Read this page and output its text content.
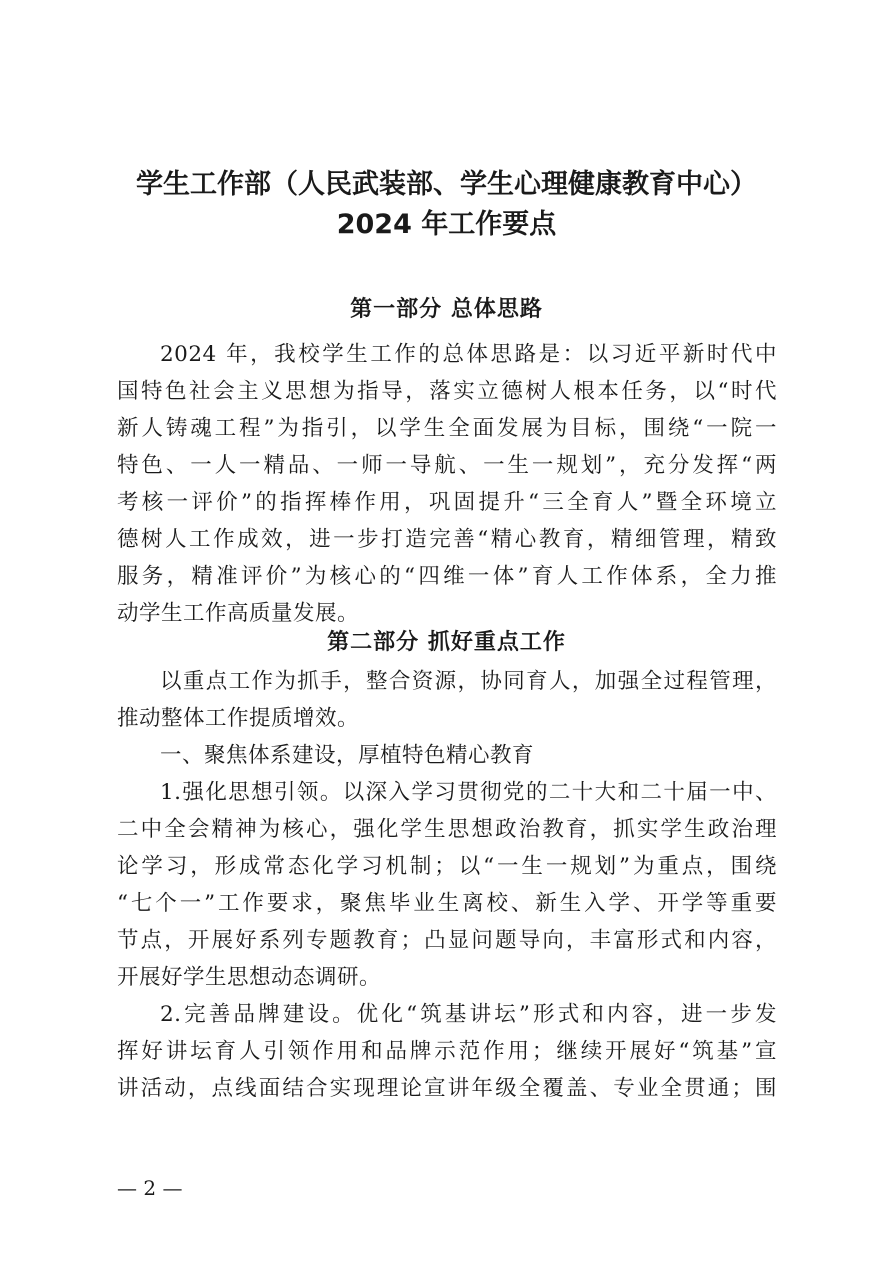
学生工作部（人民武装部、学生心理健康教育中心）
2024 年工作要点
第一部分 总体思路
2024 年，我校学生工作的总体思路是：以习近平新时代中
国特色社会主义思想为指导，落实立德树人根本任务，以“时代
新人铸魂工程”为指引，以学生全面发展为目标，围绕“一院一
特色、一人一精品、一师一导航、一生一规划”，充分发挥“两
考核一评价”的指挥棒作用，巩固提升“三全育人”暨全环境立
德树人工作成效，进一步打造完善“精心教育，精细管理，精致
服务，精准评价”为核心的“四维一体”育人工作体系，全力推
动学生工作高质量发展。
第二部分 抓好重点工作
以重点工作为抓手，整合资源，协同育人，加强全过程管理，
推动整体工作提质增效。
一、聚焦体系建设，厚植特色精心教育
1.强化思想引领。以深入学习贯彻党的二十大和二十届一中、
二中全会精神为核心，强化学生思想政治教育，抓实学生政治理
论学习，形成常态化学习机制；以“一生一规划”为重点，围绕
“七个一”工作要求，聚焦毕业生离校、新生入学、开学等重要
节点，开展好系列专题教育；凸显问题导向，丰富形式和内容，
开展好学生思想动态调研。
2.完善品牌建设。优化“筑基讲坛”形式和内容，进一步发
挥好讲坛育人引领作用和品牌示范作用；继续开展好“筑基”宣
讲活动，点线面结合实现理论宣讲年级全覆盖、专业全贯通；围
— 2 —
